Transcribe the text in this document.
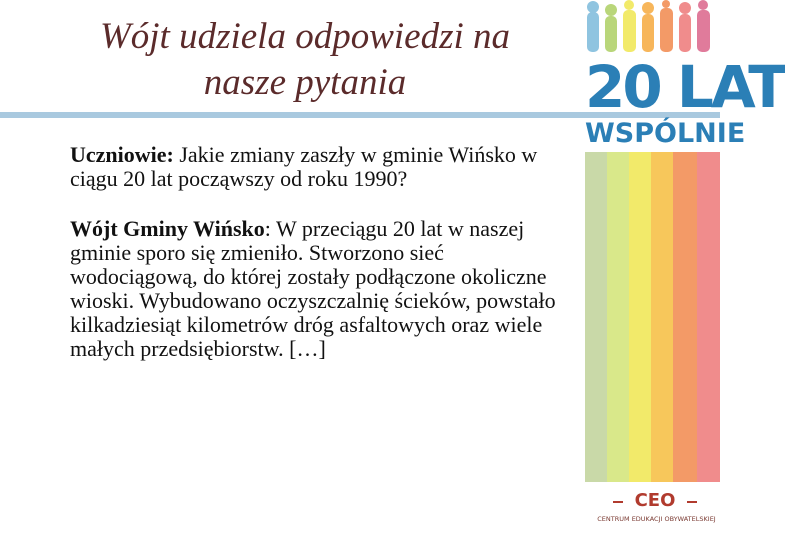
Wójt udziela odpowiedzi na
nasze pytania

Uczniowie: Jakie zmiany zaszły w gminie Wińsko w ciągu 20 lat począwszy od roku 1990?

Wójt Gminy Wińsko: W przeciągu 20 lat w naszej gminie sporo się zmieniło. Stworzono sieć wodociągową, do której zostały podłączone okoliczne wioski. Wybudowano oczyszczalnię ścieków, powstało kilkadziesiąt kilometrów dróg asfaltowych oraz wiele małych przedsiębiorstw. […]

20 LAT
WSPÓLNIE
CEO
CENTRUM EDUKACJI OBYWATELSKIEJ
